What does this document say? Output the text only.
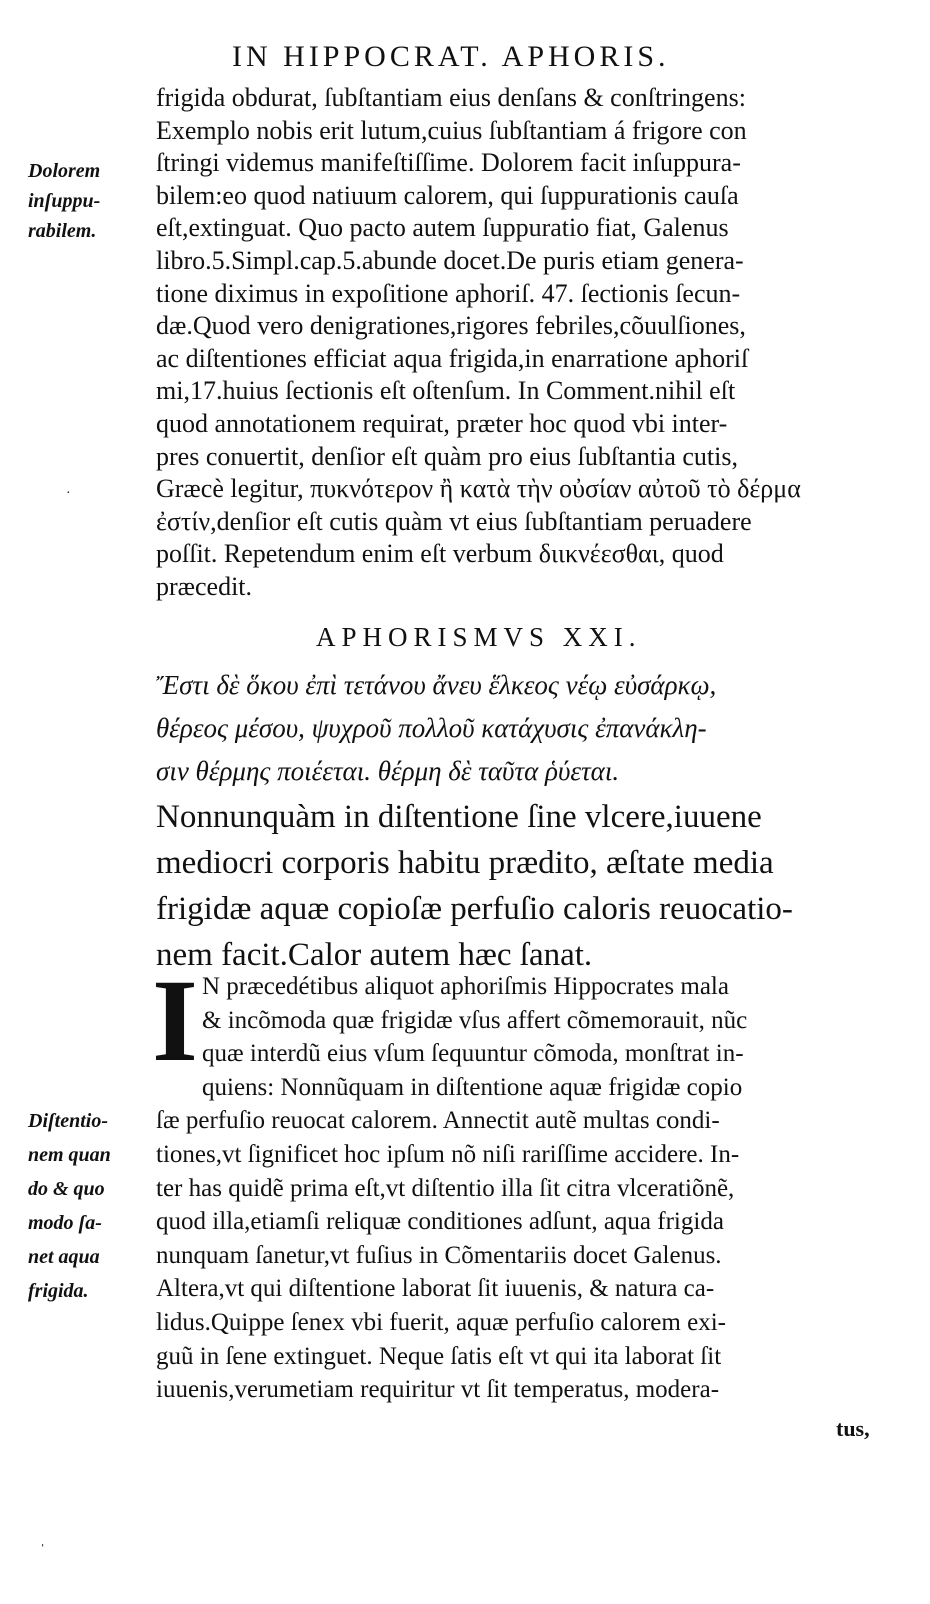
IN HIPPOCRAT. APHORIS.
frigida obdurat, ſubſtantiam eius denſans & conſtringens:
Exemplo nobis erit lutum,cuius ſubſtantiam á frigore con
ſtringi videmus manifeſtiſſime. Dolorem facit inſuppura-
bilem:eo quod natiuum calorem, qui ſuppurationis cauſa
eſt,extinguat. Quo pacto autem ſuppuratio fiat, Galenus
libro.5.Simpl.cap.5.abunde docet.De puris etiam genera-
tione diximus in expoſitione aphoriſ. 47. ſectionis ſecun-
dæ.Quod vero denigrationes,rigores febriles,cõuulſiones,
ac diſtentiones efficiat aqua frigida,in enarratione aphoriſ
mi,17.huius ſectionis eſt oſtenſum. In Comment.nihil eſt
quod annotationem requirat, præter hoc quod vbi inter-
pres conuertit, denſior eſt quàm pro eius ſubſtantia cutis,
Græcè legitur, πυκνότερον ἢ κατὰ τὴν οὐσίαν αὐτοῦ τὸ δέρμα
ἐστίν,denſior eſt cutis quàm vt eius ſubſtantiam peruadere
poſſit. Repetendum enim eſt verbum διικνέεσθαι, quod
præcedit.
Dolorem
inſuppu-
rabilem.
·
APHORISMVS XXI.
Ἔστι δὲ ὅκου ἐπὶ τετάνου ἄνευ ἕλκεος νέῳ εὐσάρκῳ,
θέρεος μέσου, ψυχροῦ πολλοῦ κατάχυσις ἐπανάκλη-
σιν θέρμης ποιέεται. θέρμη δὲ ταῦτα ῥύεται.
Nonnunquàm in diſtentione ſine vlcere,iuuene
mediocri corporis habitu prædito, æſtate media
frigidæ aquæ copioſæ perfuſio caloris reuocatio-
nem facit.Calor autem hæc ſanat.
I N præcedétibus aliquot aphoriſmis Hippocrates mala
& incõmoda quæ frigidæ vſus affert cõmemorauit, nũc
quæ interdũ eius vſum ſequuntur cõmoda, monſtrat in-
quiens: Nonnũquam in diſtentione aquæ frigidæ copio
ſæ perfuſio reuocat calorem. Annectit autẽ multas condi-
tiones,vt ſignificet hoc ipſum nõ niſi rariſſime accidere. In-
ter has quidẽ prima eſt,vt diſtentio illa ſit citra vlceratiõnẽ,
quod illa,etiamſi reliquæ conditiones adſunt, aqua frigida
nunquam ſanetur,vt fuſius in Cõmentariis docet Galenus.
Altera,vt qui diſtentione laborat ſit iuuenis, & natura ca-
lidus.Quippe ſenex vbi fuerit, aquæ perfuſio calorem exi-
guũ in ſene extinguet. Neque ſatis eſt vt qui ita laborat ſit
iuuenis,verumetiam requiritur vt ſit temperatus, modera-
Diſtentio-
nem quan
do & quo
modo ſa-
net aqua
frigida.
tus,
ˌ
